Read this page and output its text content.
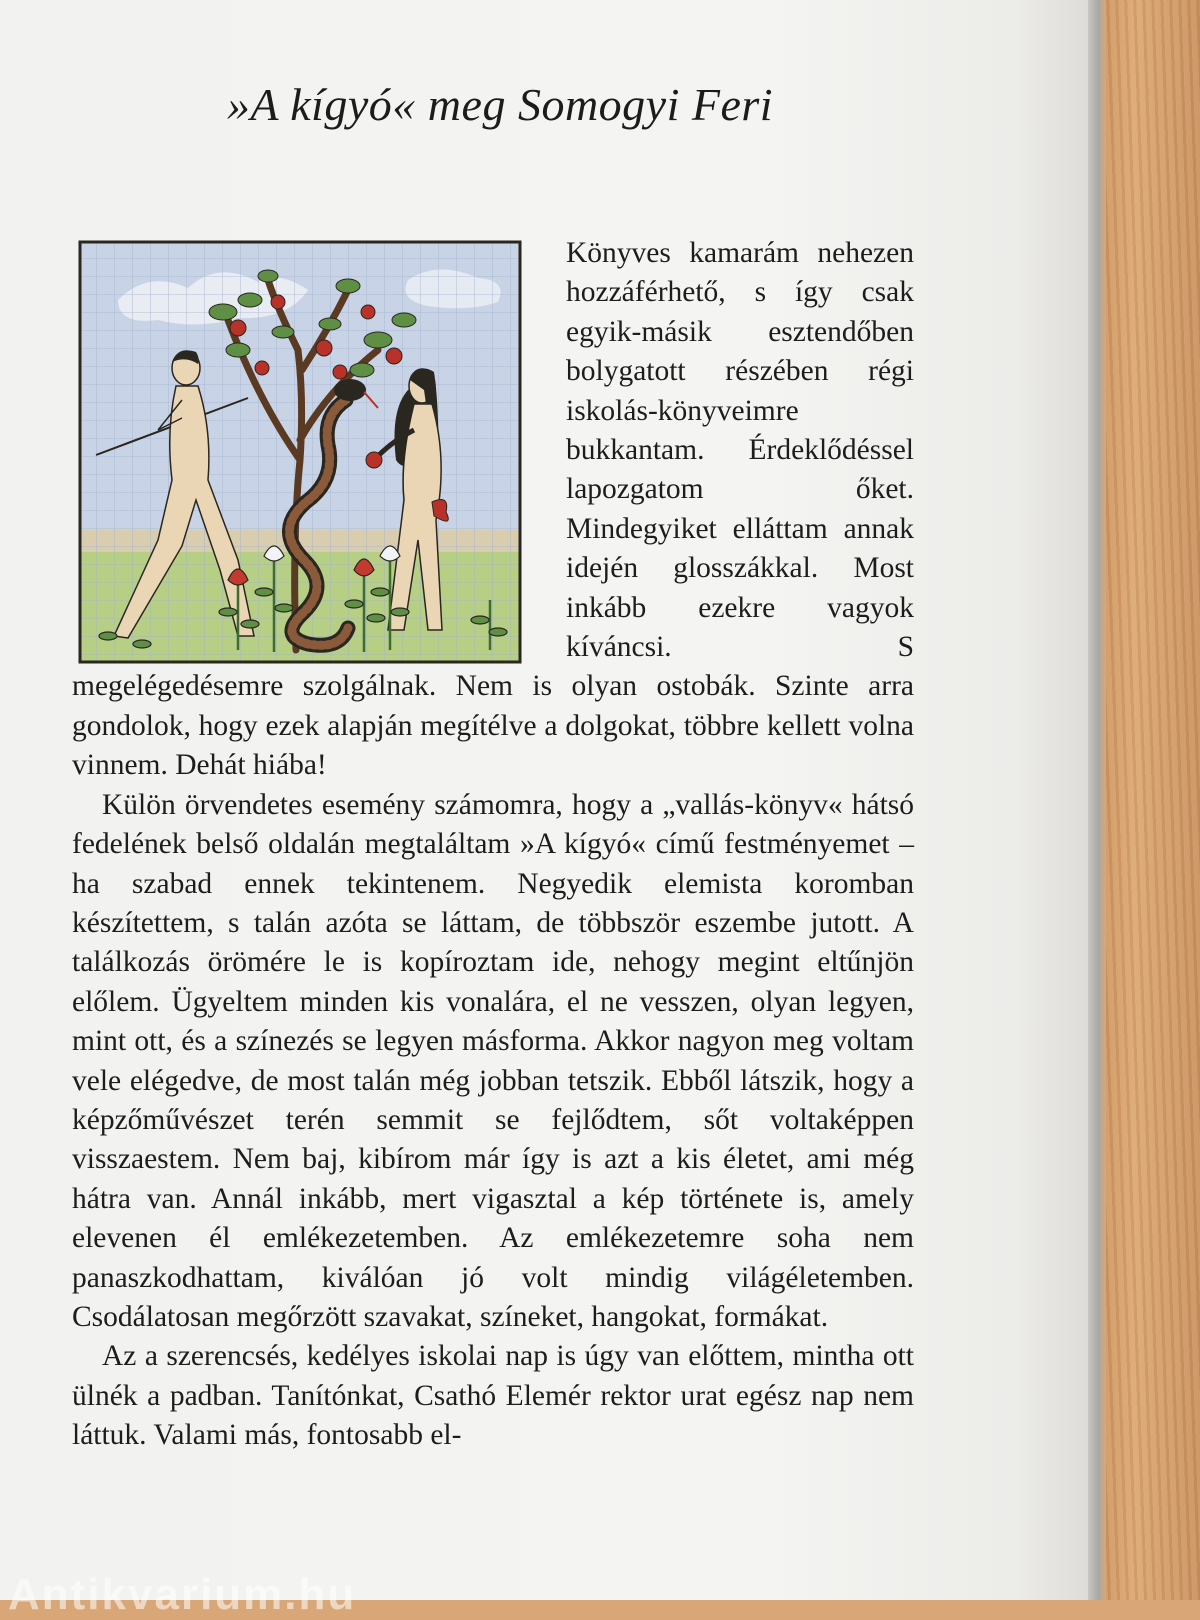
»A kígyó« meg Somogyi Feri

Könyves kamarám nehezen hozzáférhető, s így csak egyik-másik esztendőben bolygatott részében régi iskolás-könyveimre bukkantam. Érdeklődéssel lapozgatom őket. Mindegyiket elláttam annak idején glosszákkal. Most inkább ezekre vagyok kíváncsi. S megelégedésemre szolgálnak. Nem is olyan ostobák. Szinte arra gondolok, hogy ezek alapján megítélve a dolgokat, többre kellett volna vinnem. Dehát hiába!

Külön örvendetes esemény számomra, hogy a „vallás-könyv« hátsó fedelének belső oldalán megtaláltam »A kígyó« című festményemet – ha szabad ennek tekintenem. Negyedik elemista koromban készítettem, s talán azóta se láttam, de többször eszembe jutott. A találkozás örömére le is kopíroztam ide, nehogy megint eltűnjön előlem. Ügyeltem minden kis vonalára, el ne vesszen, olyan legyen, mint ott, és a színezés se legyen másforma. Akkor nagyon meg voltam vele elégedve, de most talán még jobban tetszik. Ebből látszik, hogy a képzőművészet terén semmit se fejlődtem, sőt voltaképpen visszaestem. Nem baj, kibírom már így is azt a kis életet, ami még hátra van. Annál inkább, mert vigasztal a kép története is, amely elevenen él emlékezetemben. Az emlékezetemre soha nem panaszkodhattam, kiválóan jó volt mindig világéletemben. Csodálatosan megőrzött szavakat, színeket, hangokat, formákat.

Az a szerencsés, kedélyes iskolai nap is úgy van előttem, mintha ott ülnék a padban. Tanítónkat, Csathó Elemér rektor urat egész nap nem láttuk. Valami más, fontosabb el-

Antikvarium.hu
